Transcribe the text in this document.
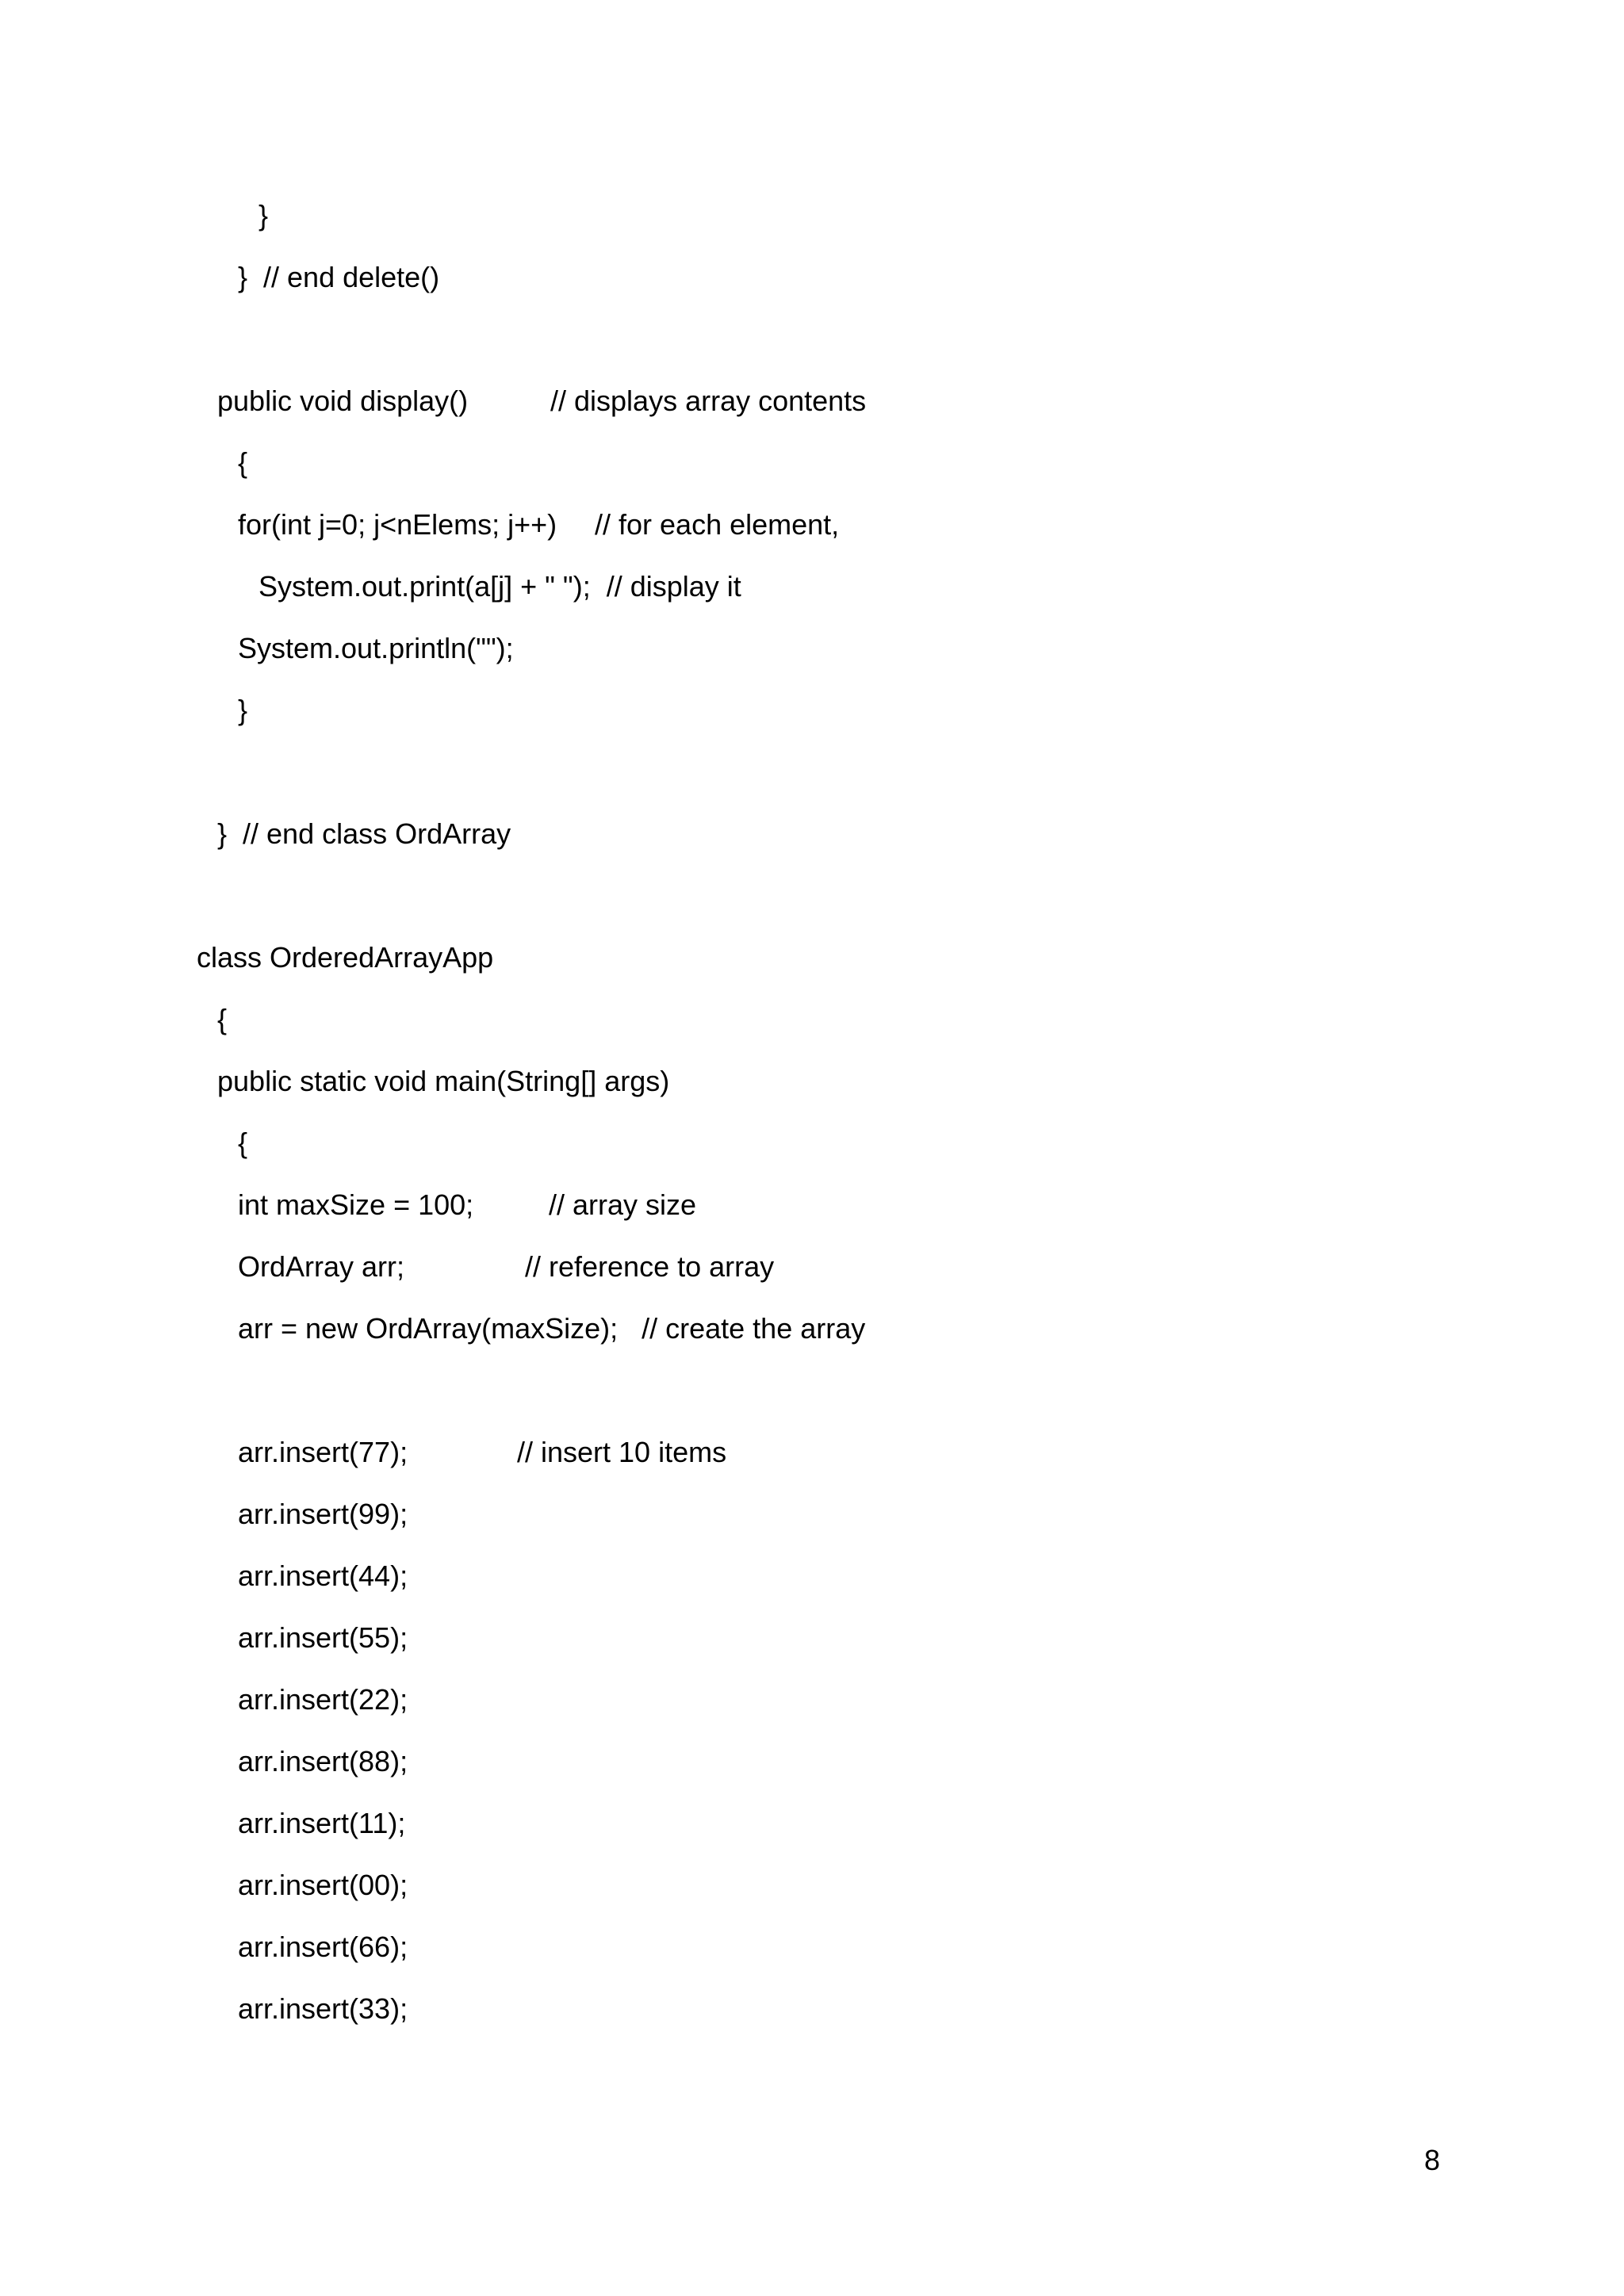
}

}  // end delete()

public void display()

	// displays array contents

{

for(int j=0; j<nElems; j++)

// for each element,

System.out.print(a[j] + " ");  // display it

System.out.println("");

}

}  // end class OrdArray

class OrderedArrayApp

{

public static void main(String[] args)

{

int maxSize = 100;

	// array size

OrdArray arr;

	// reference to array

arr = new OrdArray(maxSize);   // create the array

arr.insert(77);

	// insert 10 items

arr.insert(99);

arr.insert(44);

arr.insert(55);

arr.insert(22);

arr.insert(88);

arr.insert(11);

arr.insert(00);

arr.insert(66);

arr.insert(33);

8
